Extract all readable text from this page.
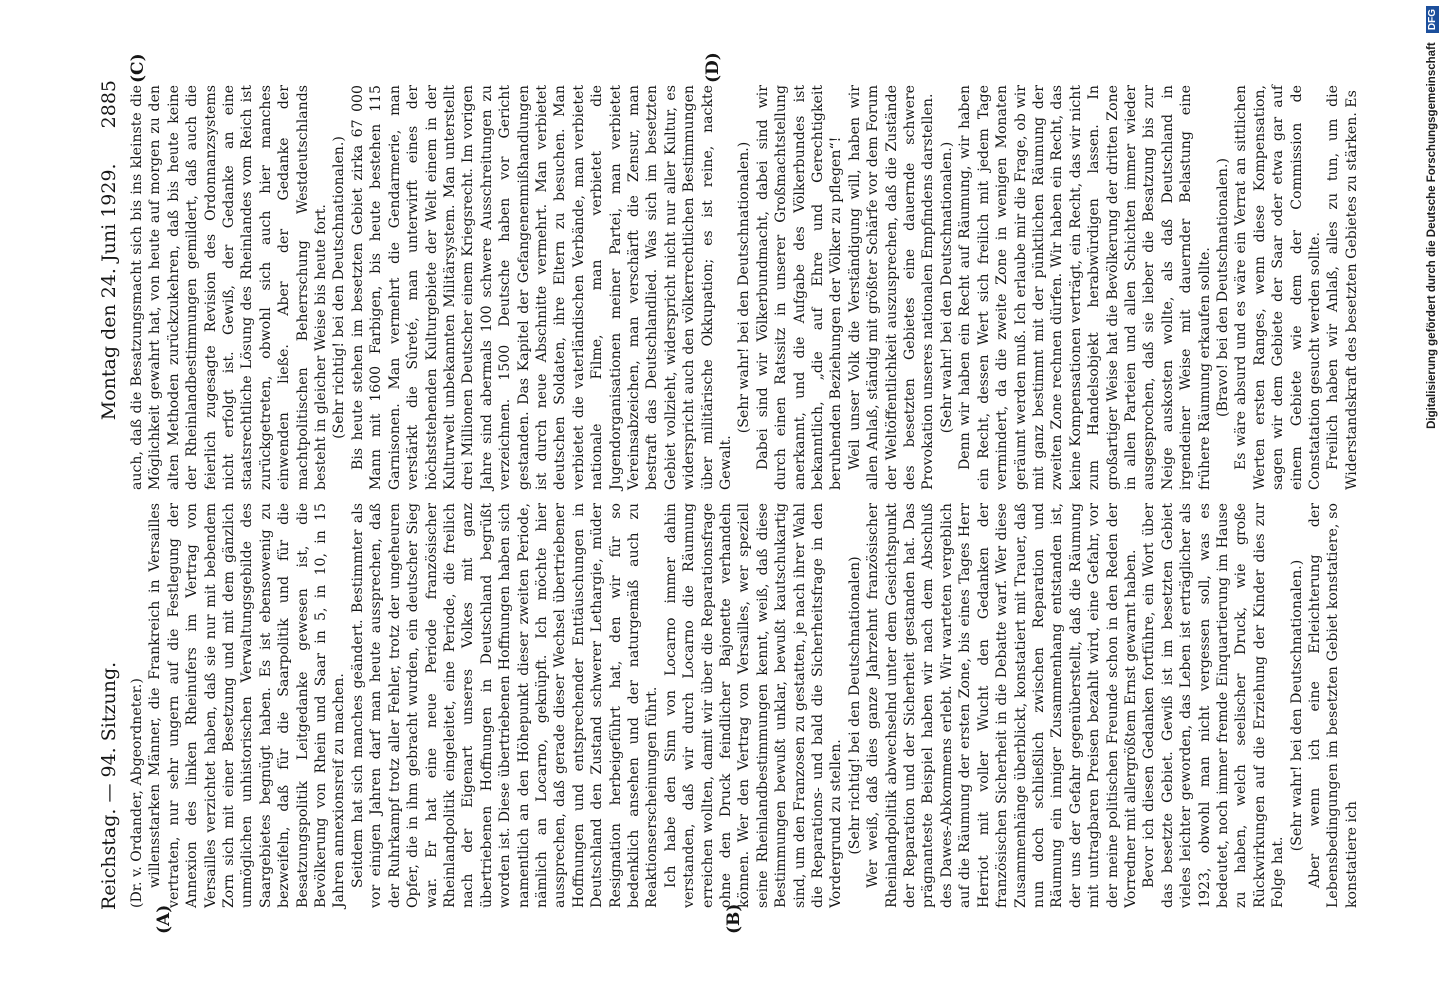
Reichstag. — 94. Sitzung.                                        Montag den 24. Juni 1929.
2885
(A)	(B)
(C)	(D)

(Dr. v. Ordander, Abgeordneter.) willensstarken Männer, die Frankreich in Versailles vertraten, nur sehr ungern auf die Festlegung der Annexion des linken Rheinufers im Vertrag von Versailles verzichtet haben, daß sie nur mit bebendem Zorn sich mit einer Besetzung und mit dem gänzlich unmöglichen unhistorischen Verwaltungsgebilde des Saargebietes begnügt haben. Es ist ebensowenig zu bezweifeln, daß für die Saarpolitik und für die Besatzungspolitik Leitgedanke gewesen ist, die Bevölkerung von Rhein und Saar in 5, in 10, in 15 Jahren annexionsreif zu machen. Seitdem hat sich manches geändert. Bestimmter als vor einigen Jahren darf man heute aussprechen, daß der Ruhrkampf trotz aller Fehler, trotz der ungeheuren Opfer, die in ihm gebracht wurden, ein deutscher Sieg war. Er hat eine neue Periode französischer Rheinlandpolitik eingeleitet, eine Periode, die freilich nach der Eigenart unseres Volkes mit ganz übertriebenen Hoffnungen in Deutschland begrüßt worden ist. Diese übertriebenen Hoffnungen haben sich namentlich an den Höhepunkt dieser zweiten Periode, nämlich an Locarno, geknüpft. Ich möchte hier aussprechen, daß gerade dieser Wechsel übertriebener Hoffnungen und entsprechender Enttäuschungen in Deutschland den Zustand schwerer Lethargie, müder Resignation herbeigeführt hat, den wir für so bedenklich ansehen und der naturgemäß auch zu Reaktionserscheinungen führt. Ich habe den Sinn von Locarno immer dahin verstanden, daß wir durch Locarno die Räumung erreichen wollten, damit wir über die Reparationsfrage ohne den Druck feindlicher Bajonette verhandeln können. Wer den Vertrag von Versailles, wer speziell seine Rheinlandbestimmungen kennt, weiß, daß diese Bestimmungen bewußt unklar, bewußt kautschukartig sind, um den Franzosen zu gestatten, je nach ihrer Wahl die Reparations- und bald die Sicherheitsfrage in den Vordergrund zu stellen. (Sehr richtig! bei den Deutschnationalen) Wer weiß, daß dies ganze Jahrzehnt französischer Rheinlandpolitik abwechselnd unter dem Gesichtspunkt der Reparation und der Sicherheit gestanden hat. Das prägnanteste Beispiel haben wir nach dem Abschluß des Dawes-Abkommens erlebt. Wir warteten vergeblich auf die Räumung der ersten Zone, bis eines Tages Herr Herriot mit voller Wucht den Gedanken der französischen Sicherheit in die Debatte warf. Wer diese Zusammenhänge überblickt, konstatiert mit Trauer, daß nun doch schließlich zwischen Reparation und Räumung ein inniger Zusammenhang entstanden ist, der uns der Gefahr gegenüberstellt, daß die Räumung mit untragbaren Preisen bezahlt wird, eine Gefahr, vor der meine politischen Freunde schon in den Reden der Vorredner mit allergrößtem Ernst gewarnt haben. Bevor ich diesen Gedanken fortführe, ein Wort über das besetzte Gebiet. Gewiß ist im besetzten Gebiet vieles leichter geworden, das Leben ist erträglicher als 1923, obwohl man nicht vergessen soll, was es bedeutet, noch immer fremde Einquartierung im Hause zu haben, welch seelischer Druck, wie große Rückwirkungen auf die Erziehung der Kinder dies zur Folge hat.

(Sehr wahr! bei den Deutschnationalen.) Aber wenn ich eine Erleichterung der Lebensbedingungen im besetzten Gebiet konstatiere, so konstatiere ich

auch, daß die Besatzungsmacht sich bis ins kleinste die Möglichkeit gewahrt hat, von heute auf morgen zu den alten Methoden zurückzukehren, daß bis heute keine der Rheinlandbestimmungen gemildert, daß auch die feierlich zugesagte Revision des Ordonnanzsystems nicht erfolgt ist. Gewiß, der Gedanke an eine staatsrechtliche Lösung des Rheinlandes vom Reich ist zurückgetreten, obwohl sich auch hier manches einwenden ließe. Aber der Gedanke der machtpolitischen Beherrschung Westdeutschlands besteht in gleicher Weise bis heute fort. (Sehr richtig! bei den Deutschnationalen.) Bis heute stehen im besetzten Gebiet zirka 67 000 Mann mit 1600 Farbigen, bis heute bestehen 115 Garnisonen. Man vermehrt die Gendarmerie, man verstärkt die Sûreté, man unterwirft eines der höchststehenden Kulturgebiete der Welt einem in der Kulturwelt unbekannten Militärsystem. Man unterstellt drei Millionen Deutscher einem Kriegsrecht. Im vorigen Jahre sind abermals 100 schwere Ausschreitungen zu verzeichnen. 1500 Deutsche haben vor Gericht gestanden. Das Kapitel der Gefangenenmißhandlungen ist durch neue Abschnitte vermehrt. Man verbietet deutschen Soldaten, ihre Eltern zu besuchen. Man verbietet die vaterländischen Verbände, man verbietet nationale Filme, man verbietet die Jugendorganisationen meiner Partei, man verbietet Vereinsabzeichen, man verschärft die Zensur, man bestraft das Deutschlandlied. Was sich im besetzten Gebiet vollzieht, widerspricht nicht nur aller Kultur, es widerspricht auch den völkerrechtlichen Bestimmungen über militärische Okkupation; es ist reine, nackte Gewalt.

(Sehr wahr! bei den Deutschnationalen.) Dabei sind wir Völkerbundmacht, dabei sind wir durch einen Ratssitz in unserer Großmachtstellung anerkannt, und die Aufgabe des Völkerbundes ist bekanntlich, „die auf Ehre und Gerechtigkeit beruhenden Beziehungen der Völker zu pflegen“! Weil unser Volk die Verständigung will, haben wir allen Anlaß, ständig mit größter Schärfe vor dem Forum der Weltöffentlichkeit auszusprechen, daß die Zustände des besetzten Gebietes eine dauernde schwere Provokation unseres nationalen Empfindens darstellen. (Sehr wahr! bei den Deutschnationalen.) Denn wir haben ein Recht auf Räumung, wir haben ein Recht, dessen Wert sich freilich mit jedem Tage vermindert, da die zweite Zone in wenigen Monaten geräumt werden muß. Ich erlaube mir die Frage, ob wir mit ganz bestimmt mit der pünktlichen Räumung der zweiten Zone rechnen dürfen. Wir haben ein Recht, das keine Kompensationen verträgt, ein Recht, das wir nicht zum Handelsobjekt herabwürdigen lassen. In großartiger Weise hat die Bevölkerung der dritten Zone in allen Parteien und allen Schichten immer wieder ausgesprochen, daß sie lieber die Besatzung bis zur Neige auskosten wollte, als daß Deutschland in irgendeiner Weise mit dauernder Belastung eine frühere Räumung erkaufen sollte. (Bravo! bei den Deutschnationalen.) Es wäre absurd und es wäre ein Verrat an sittlichen Werten ersten Ranges, wenn diese Kompensation, sagen wir dem Gebiete der Saar oder etwa gar auf einem Gebiete wie dem der Commission de Constatation gesucht werden sollte. Freilich haben wir Anlaß, alles zu tun, um die Widerstandskraft des besetzten Gebietes zu stärken. Es	Digitalisierung gefördert durch die Deutsche Forschungsgemeinschaft DFG
